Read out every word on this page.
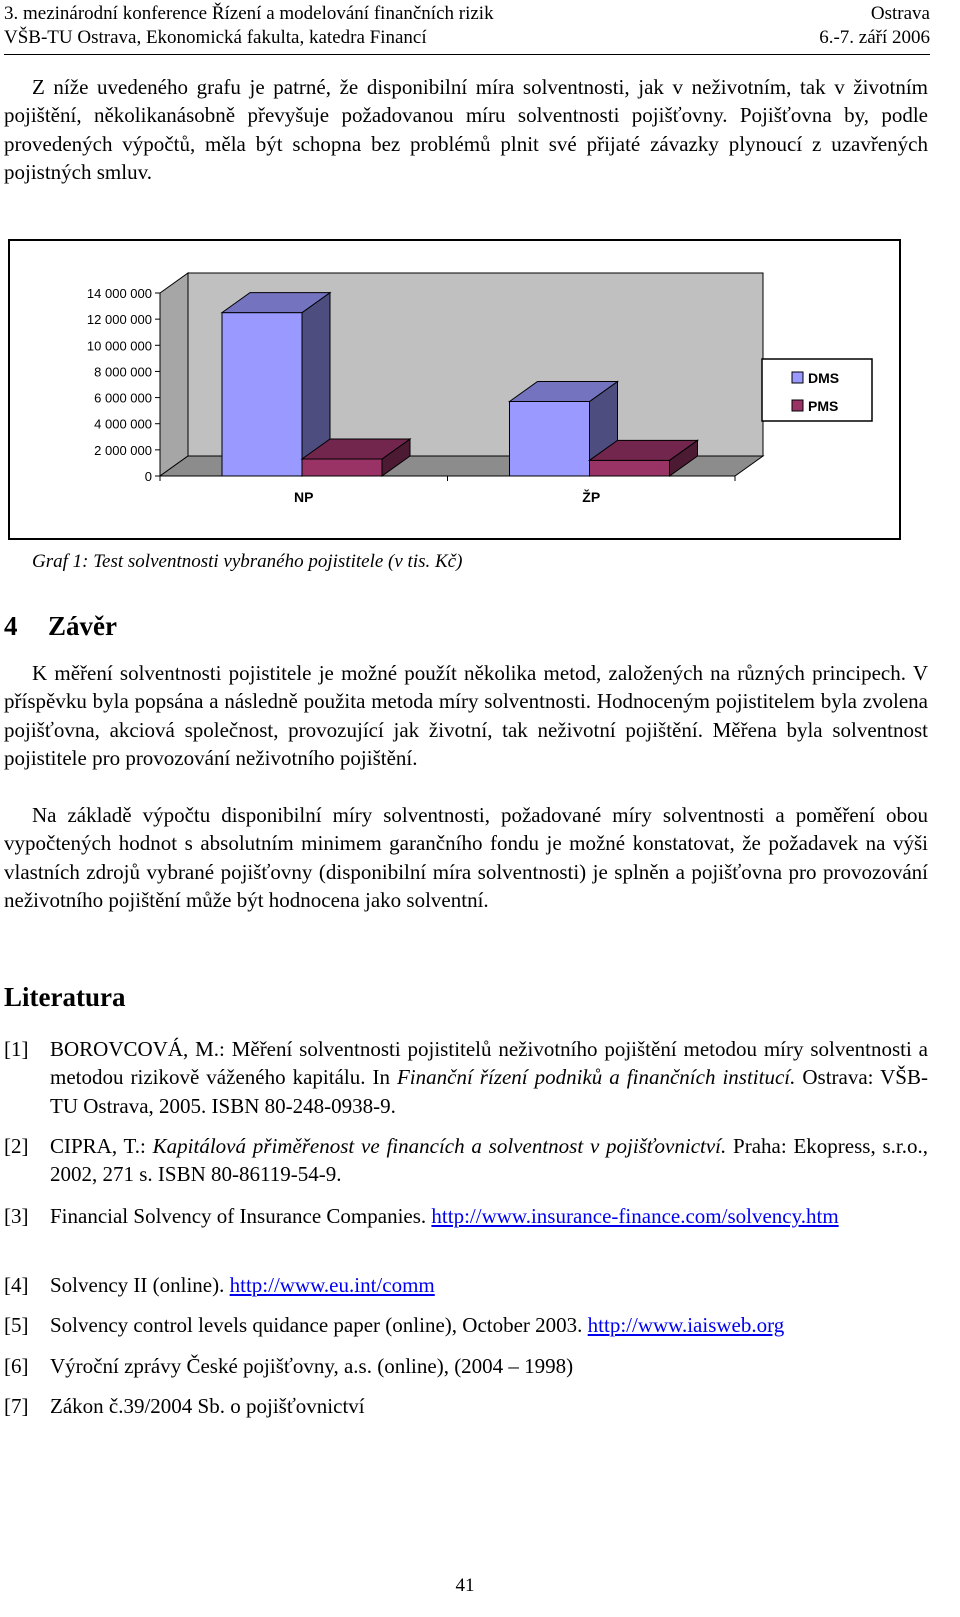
3. mezinárodní konference Řízení a modelování finančních rizik	Ostrava
VŠB-TU Ostrava, Ekonomická fakulta, katedra Financí	6.-7. září 2006
Z níže uvedeného grafu je patrné, že disponibilní míra solventnosti, jak v neživotním, tak v životním pojištění, několikanásobně převyšuje požadovanou míru solventnosti pojišťovny. Pojišťovna by, podle provedených výpočtů, měla být schopna bez problémů plnit své přijaté závazky plynoucí z uzavřených pojistných smluv.
0
2 000 000
4 000 000
6 000 000
8 000 000
10 000 000
12 000 000
14 000 000
NP	ŽP
DMS
PMS
Graf 1: Test solventnosti vybraného pojistitele (v tis. Kč)
4 Závěr
K měření solventnosti pojistitele je možné použít několika metod, založených na různých principech. V příspěvku byla popsána a následně použita metoda míry solventnosti. Hodnoceným pojistitelem byla zvolena pojišťovna, akciová společnost, provozující jak životní, tak neživotní pojištění. Měřena byla solventnost pojistitele pro provozování neživotního pojištění.
Na základě výpočtu disponibilní míry solventnosti, požadované míry solventnosti a poměření obou vypočtených hodnot s absolutním minimem garančního fondu je možné konstatovat, že požadavek na výši vlastních zdrojů vybrané pojišťovny (disponibilní míra solventnosti) je splněn a pojišťovna pro provozování neživotního pojištění může být hodnocena jako solventní.
Literatura
[1] BOROVCOVÁ, M.: Měření solventnosti pojistitelů neživotního pojištění metodou míry solventnosti a metodou rizikově váženého kapitálu. In Finanční řízení podniků a finančních institucí. Ostrava: VŠB-TU Ostrava, 2005. ISBN 80-248-0938-9.
[2] CIPRA, T.: Kapitálová přiměřenost ve financích a solventnost v pojišťovnictví. Praha: Ekopress, s.r.o., 2002, 271 s. ISBN 80-86119-54-9.
[3] Financial Solvency of Insurance Companies. http://www.insurance-finance.com/solvency.htm
[4] Solvency II (online). http://www.eu.int/comm
[5] Solvency control levels quidance paper (online), October 2003. http://www.iaisweb.org
[6] Výroční zprávy České pojišťovny, a.s. (online), (2004 – 1998)
[7] Zákon č.39/2004 Sb. o pojišťovnictví
41
